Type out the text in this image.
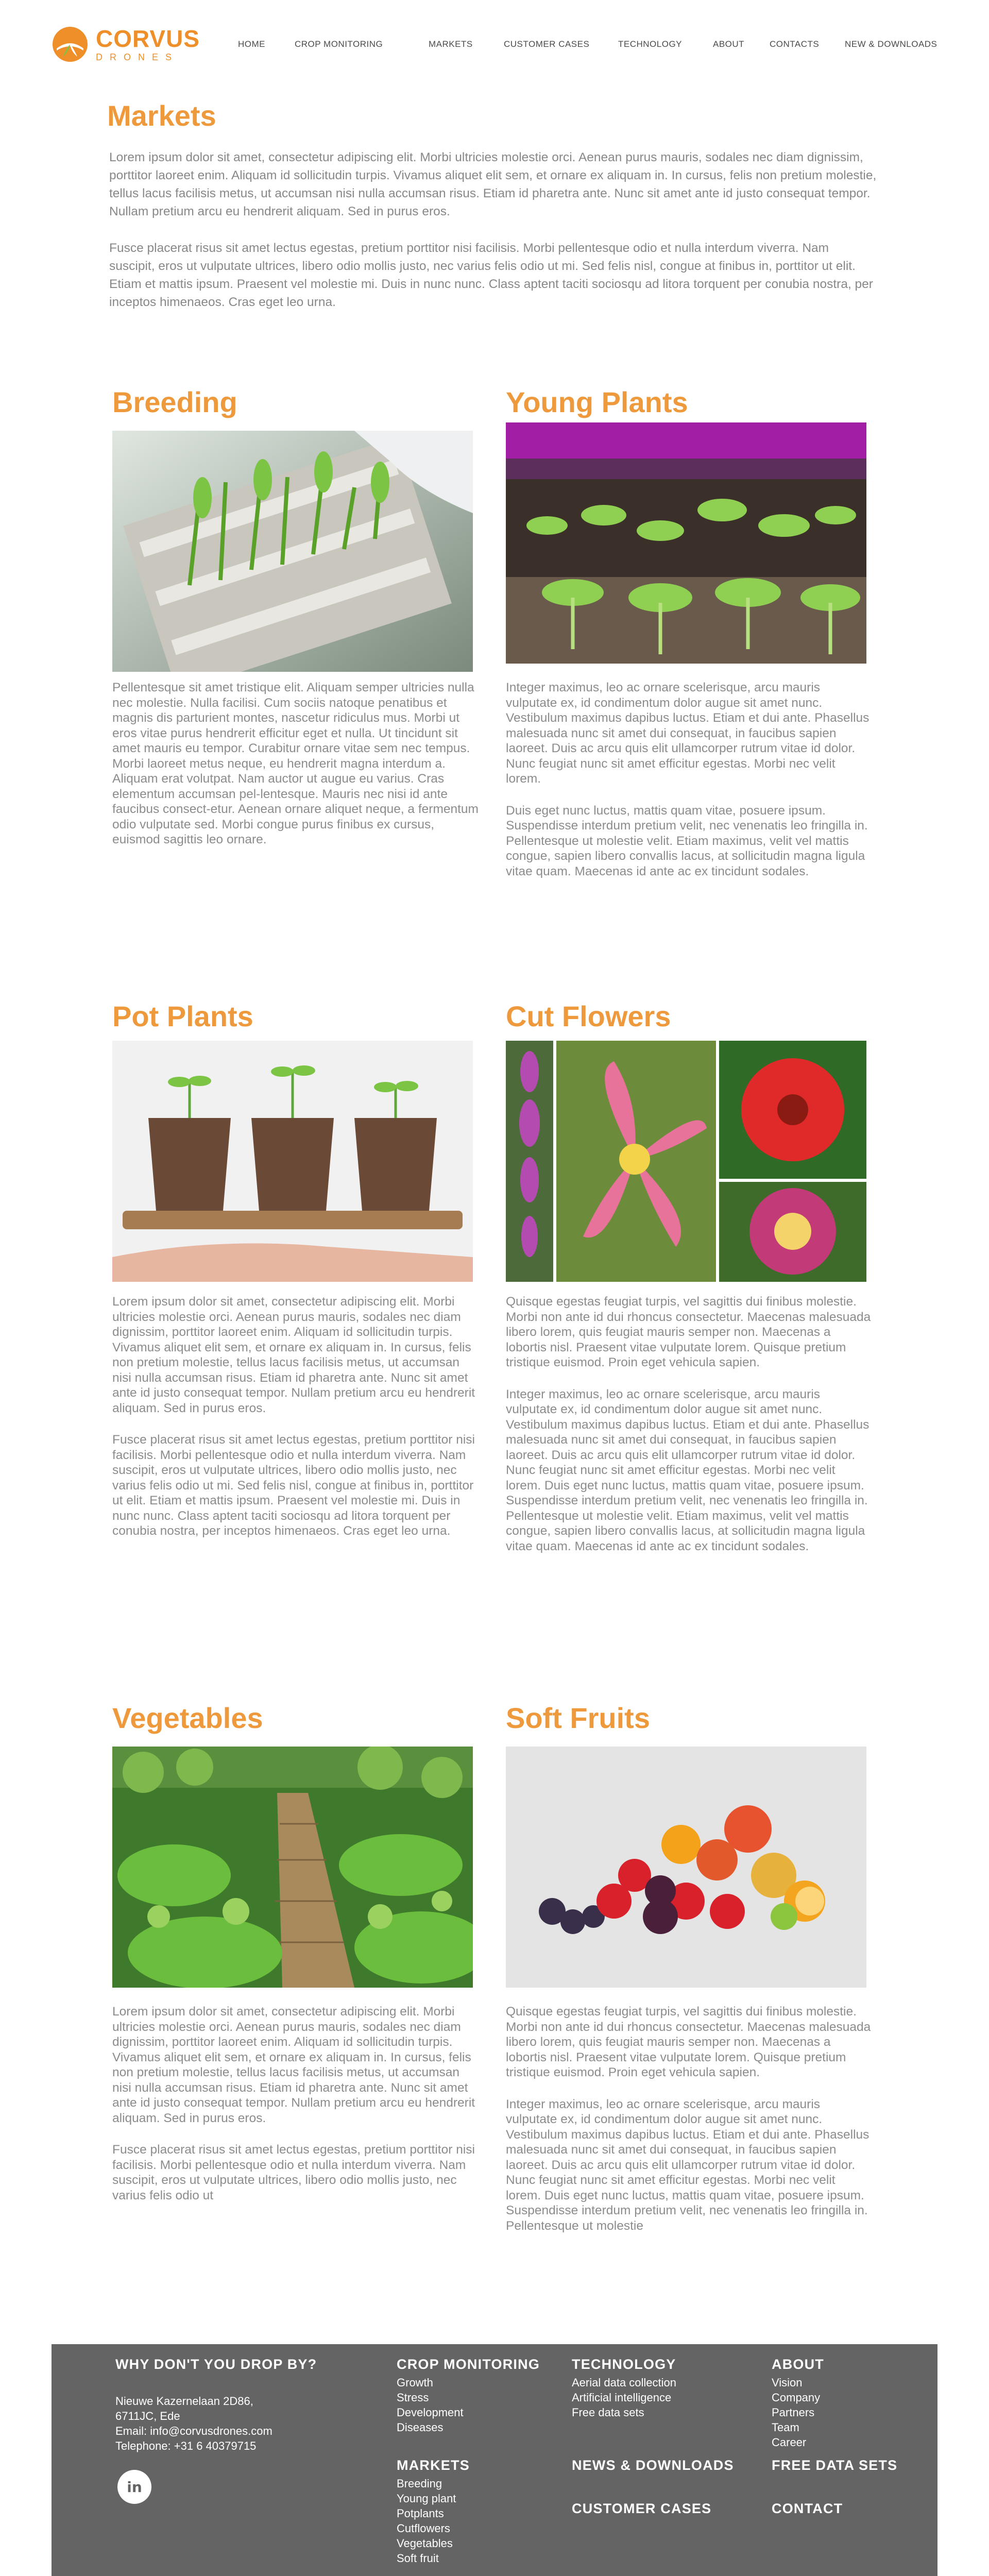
CORVUS
DRONES
HOME	CROP MONITORING	MARKETS	CUSTOMER CASES	TECHNOLOGY	ABOUT	CONTACTS	NEW & DOWNLOADS
Markets

Lorem ipsum dolor sit amet, consectetur adipiscing elit. Morbi ultricies molestie orci. Aenean purus mauris, sodales nec diam dignissim, porttitor laoreet enim. Aliquam id sollicitudin turpis. Vivamus aliquet elit sem, et ornare ex aliquam in. In cursus, felis non pretium molestie, tellus lacus facilisis metus, ut accumsan nisi nulla accumsan risus. Etiam id pharetra ante. Nunc sit amet ante id justo consequat tempor. Nullam pretium arcu eu hendrerit aliquam. Sed in purus eros.

Fusce placerat risus sit amet lectus egestas, pretium porttitor nisi facilisis. Morbi pellentesque odio et nulla interdum viverra. Nam suscipit, eros ut vulputate ultrices, libero odio mollis justo, nec varius felis odio ut mi. Sed felis nisl, congue at finibus in, porttitor ut elit. Etiam et mattis ipsum. Praesent vel molestie mi. Duis in nunc nunc. Class aptent taciti sociosqu ad litora torquent per conubia nostra, per inceptos himenaeos. Cras eget leo urna.

Breeding

Pellentesque sit amet tristique elit. Aliquam semper ultricies nulla nec molestie. Nulla facilisi. Cum sociis natoque penatibus et magnis dis parturient montes, nascetur ridiculus mus. Morbi ut eros vitae purus hendrerit efficitur eget et nulla. Ut tincidunt sit amet mauris eu tempor. Curabitur ornare vitae sem nec tempus. Morbi laoreet metus neque, eu hendrerit magna interdum a. Aliquam erat volutpat. Nam auctor ut augue eu varius. Cras elementum accumsan pel-lentesque. Mauris nec nisi id ante faucibus consect-etur. Aenean ornare aliquet neque, a fermentum odio vulputate sed. Morbi congue purus finibus ex cursus, euismod sagittis leo ornare.

Young Plants

Integer maximus, leo ac ornare scelerisque, arcu mauris vulputate ex, id condimentum dolor augue sit amet nunc. Vestibulum maximus dapibus luctus. Etiam et dui ante. Phasellus malesuada nunc sit amet dui consequat, in faucibus sapien laoreet. Duis ac arcu quis elit ullamcorper rutrum vitae id dolor. Nunc feugiat nunc sit amet efficitur egestas. Morbi nec velit lorem.

Duis eget nunc luctus, mattis quam vitae, posuere ipsum. Suspendisse interdum pretium velit, nec venenatis leo fringilla in. Pellentesque ut molestie velit. Etiam maximus, velit vel mattis congue, sapien libero convallis lacus, at sollicitudin magna ligula vitae quam. Maecenas id ante ac ex tincidunt sodales.

Pot Plants

Lorem ipsum dolor sit amet, consectetur adipiscing elit. Morbi ultricies molestie orci. Aenean purus mauris, sodales nec diam dignissim, porttitor laoreet enim. Aliquam id sollicitudin turpis. Vivamus aliquet elit sem, et ornare ex aliquam in. In cursus, felis non pretium molestie, tellus lacus facilisis metus, ut accumsan nisi nulla accumsan risus. Etiam id pharetra ante. Nunc sit amet ante id justo consequat tempor. Nullam pretium arcu eu hendrerit aliquam. Sed in purus eros.

Fusce placerat risus sit amet lectus egestas, pretium porttitor nisi facilisis. Morbi pellentesque odio et nulla interdum viverra. Nam suscipit, eros ut vulputate ultrices, libero odio mollis justo, nec varius felis odio ut mi. Sed felis nisl, congue at finibus in, porttitor ut elit. Etiam et mattis ipsum. Praesent vel molestie mi. Duis in nunc nunc. Class aptent taciti sociosqu ad litora torquent per conubia nostra, per inceptos himenaeos. Cras eget leo urna.

Cut Flowers

Quisque egestas feugiat turpis, vel sagittis dui finibus molestie. Morbi non ante id dui rhoncus consectetur. Maecenas malesuada libero lorem, quis feugiat mauris semper non. Maecenas a lobortis nisl. Praesent vitae vulputate lorem. Quisque pretium tristique euismod. Proin eget vehicula sapien.

Integer maximus, leo ac ornare scelerisque, arcu mauris vulputate ex, id condimentum dolor augue sit amet nunc. Vestibulum maximus dapibus luctus. Etiam et dui ante. Phasellus malesuada nunc sit amet dui consequat, in faucibus sapien laoreet. Duis ac arcu quis elit ullamcorper rutrum vitae id dolor. Nunc feugiat nunc sit amet efficitur egestas. Morbi nec velit lorem. Duis eget nunc luctus, mattis quam vitae, posuere ipsum. Suspendisse interdum pretium velit, nec venenatis leo fringilla in. Pellentesque ut molestie velit. Etiam maximus, velit vel mattis congue, sapien libero convallis lacus, at sollicitudin magna ligula vitae quam. Maecenas id ante ac ex tincidunt sodales.

Vegetables

Lorem ipsum dolor sit amet, consectetur adipiscing elit. Morbi ultricies molestie orci. Aenean purus mauris, sodales nec diam dignissim, porttitor laoreet enim. Aliquam id sollicitudin turpis. Vivamus aliquet elit sem, et ornare ex aliquam in. In cursus, felis non pretium molestie, tellus lacus facilisis metus, ut accumsan nisi nulla accumsan risus. Etiam id pharetra ante. Nunc sit amet ante id justo consequat tempor. Nullam pretium arcu eu hendrerit aliquam. Sed in purus eros.

Fusce placerat risus sit amet lectus egestas, pretium porttitor nisi facilisis. Morbi pellentesque odio et nulla interdum viverra. Nam suscipit, eros ut vulputate ultrices, libero odio mollis justo, nec varius felis odio ut

Soft Fruits

Quisque egestas feugiat turpis, vel sagittis dui finibus molestie. Morbi non ante id dui rhoncus consectetur. Maecenas malesuada libero lorem, quis feugiat mauris semper non. Maecenas a lobortis nisl. Praesent vitae vulputate lorem. Quisque pretium tristique euismod. Proin eget vehicula sapien.

Integer maximus, leo ac ornare scelerisque, arcu mauris vulputate ex, id condimentum dolor augue sit amet nunc. Vestibulum maximus dapibus luctus. Etiam et dui ante. Phasellus malesuada nunc sit amet dui consequat, in faucibus sapien laoreet. Duis ac arcu quis elit ullamcorper rutrum vitae id dolor. Nunc feugiat nunc sit amet efficitur egestas. Morbi nec velit lorem. Duis eget nunc luctus, mattis quam vitae, posuere ipsum. Suspendisse interdum pretium velit, nec venenatis leo fringilla in. Pellentesque ut molestie

WHY DON'T YOU DROP BY?
Nieuwe Kazernelaan 2D86,
6711JC, Ede
Email: info@corvusdrones.com
Telephone: +31 6 40379715
in
CROP MONITORING
Growth
Stress
Development
Diseases
TECHNOLOGY
Aerial data collection
Artificial intelligence
Free data sets
ABOUT
Vision
Company
Partners
Team
Career
MARKETS
Breeding
Young plant
Potplants
Cutflowers
Vegetables
Soft fruit
NEWS & DOWNLOADS	FREE DATA SETS
CUSTOMER CASES	CONTACT
